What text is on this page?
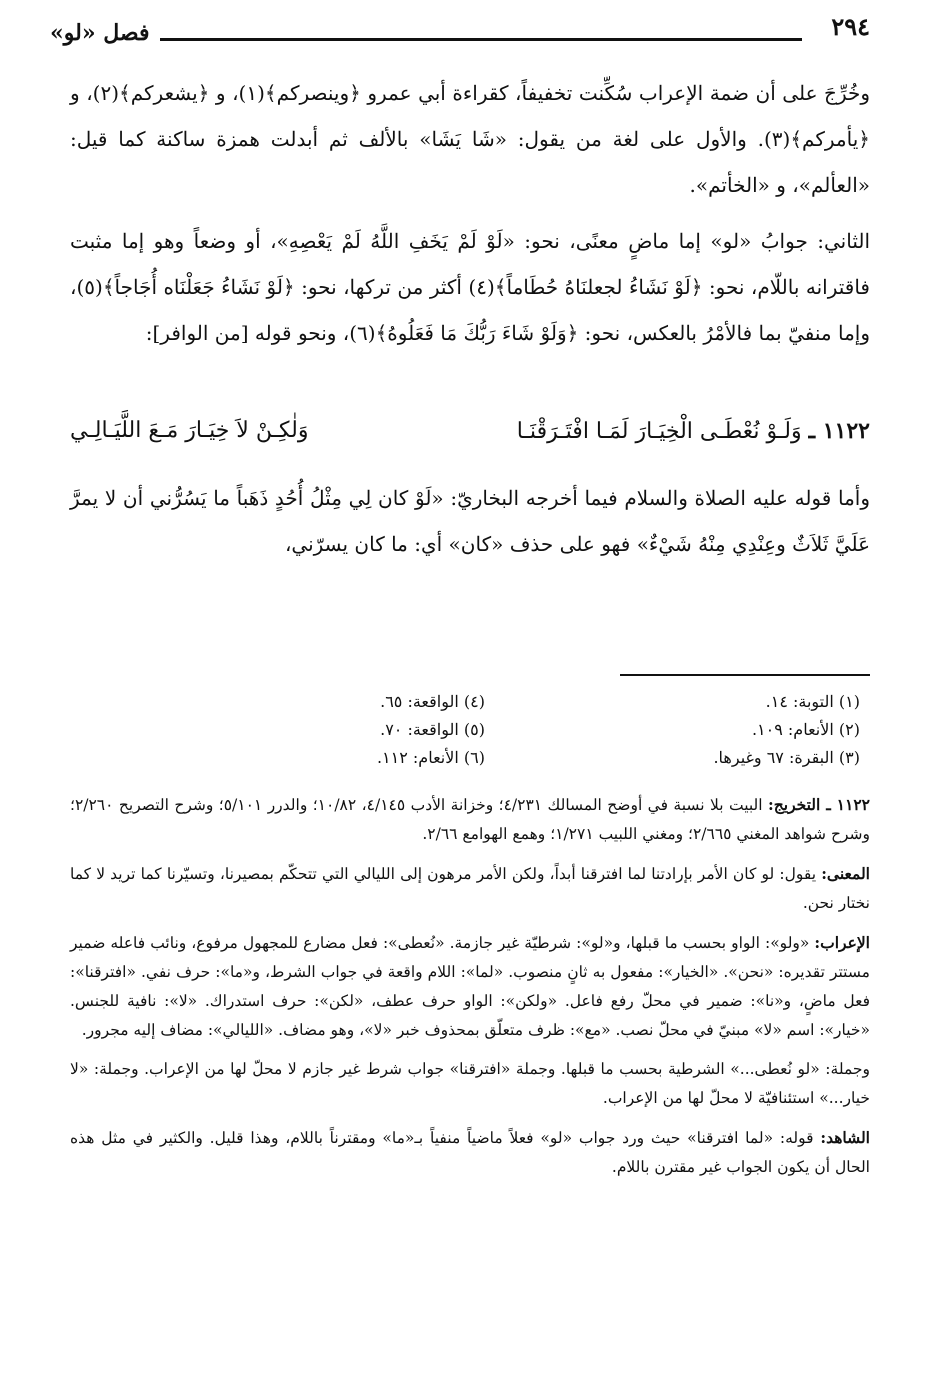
٢٩٤
فصل «لو»

وخُرِّجَ على أن ضمة الإعراب سُكِّنت تخفيفاً، كقراءة أبي عمرو ﴿وينصركم﴾(١)، و ﴿يشعركم﴾(٢)، و ﴿يأمركم﴾(٣). والأول على لغة من يقول: «شَا يَشَا» بالألف ثم أبدلت همزة ساكنة كما قيل: «العألم»، و «الخأتم».

الثاني: جوابُ «لو» إما ماضٍ معنًى، نحو: «لَوْ لَمْ يَخَفِ اللَّهُ لَمْ يَعْصِهِ»، أو وضعاً وهو إما مثبت فاقترانه باللّام، نحو: ﴿لَوْ نَشَاءُ لجعلنَاهُ حُطَاماً﴾(٤) أكثر من تركها، نحو: ﴿لَوْ نَشَاءُ جَعَلْنَاه أُجَاجاً﴾(٥)، وإما منفيّ بما فالأمْرُ بالعكس، نحو: ﴿وَلَوْ شَاءَ رَبُّكَ مَا فَعَلُوهُ﴾(٦)، ونحو قوله [من الوافر]:

١١٢٢ ـ وَلَـوْ نُعْطَـى الْخِيَـارَ لَمَـا افْتَـرَقْنَـا
وَلٰكِـنْ لاَ خِيَـارَ مَـعَ اللَّيَـالِـي

وأما قوله عليه الصلاة والسلام فيما أخرجه البخاريّ: «لَوْ كان لِي مِثْلُ أُحُدٍ ذَهَباً ما يَسُرُّني أن لا يمرَّ عَلَيَّ ثَلاَثٌ وعِنْدِي مِنْهُ شَيْءٌ» فهو على حذف «كان» أي: ما كان يسرّني،

(١) التوبة: ١٤.
(٤) الواقعة: ٦٥.
(٢) الأنعام: ١٠٩.
(٥) الواقعة: ٧٠.
(٣) البقرة: ٦٧ وغيرها.
(٦) الأنعام: ١١٢.

١١٢٢ ـ التخريج: البيت بلا نسبة في أوضح المسالك ٤/٢٣١؛ وخزانة الأدب ٤/١٤٥، ١٠/٨٢؛ والدرر ٥/١٠١؛ وشرح التصريح ٢/٢٦٠؛ وشرح شواهد المغني ٢/٦٦٥؛ ومغني اللبيب ١/٢٧١؛ وهمع الهوامع ٢/٦٦.

المعنى: يقول: لو كان الأمر بإرادتنا لما افترقنا أبداً، ولكن الأمر مرهون إلى الليالي التي تتحكّم بمصيرنا، وتسيّرنا كما تريد لا كما نختار نحن.

الإعراب: «ولو»: الواو بحسب ما قبلها، و«لو»: شرطيّة غير جازمة. «نُعطى»: فعل مضارع للمجهول مرفوع، ونائب فاعله ضمير مستتر تقديره: «نحن». «الخيار»: مفعول به ثانٍ منصوب. «لما»: اللام واقعة في جواب الشرط، و«ما»: حرف نفي. «افترقنا»: فعل ماضٍ، و«نا»: ضمير في محلّ رفع فاعل. «ولكن»: الواو حرف عطف، «لكن»: حرف استدراك. «لا»: نافية للجنس. «خيار»: اسم «لا» مبنيّ في محلّ نصب. «مع»: ظرف متعلّق بمحذوف خبر «لا»، وهو مضاف. «الليالي»: مضاف إليه مجرور.

وجملة: «لو نُعطى...» الشرطية بحسب ما قبلها. وجملة «افترقنا» جواب شرط غير جازم لا محلّ لها من الإعراب. وجملة: «لا خيار...» استئنافيّة لا محلّ لها من الإعراب.

الشاهد: قوله: «لما افترقنا» حيث ورد جواب «لو» فعلاً ماضياً منفياً بـ«ما» ومقترناً باللام، وهذا قليل. والكثير في مثل هذه الحال أن يكون الجواب غير مقترن باللام.
